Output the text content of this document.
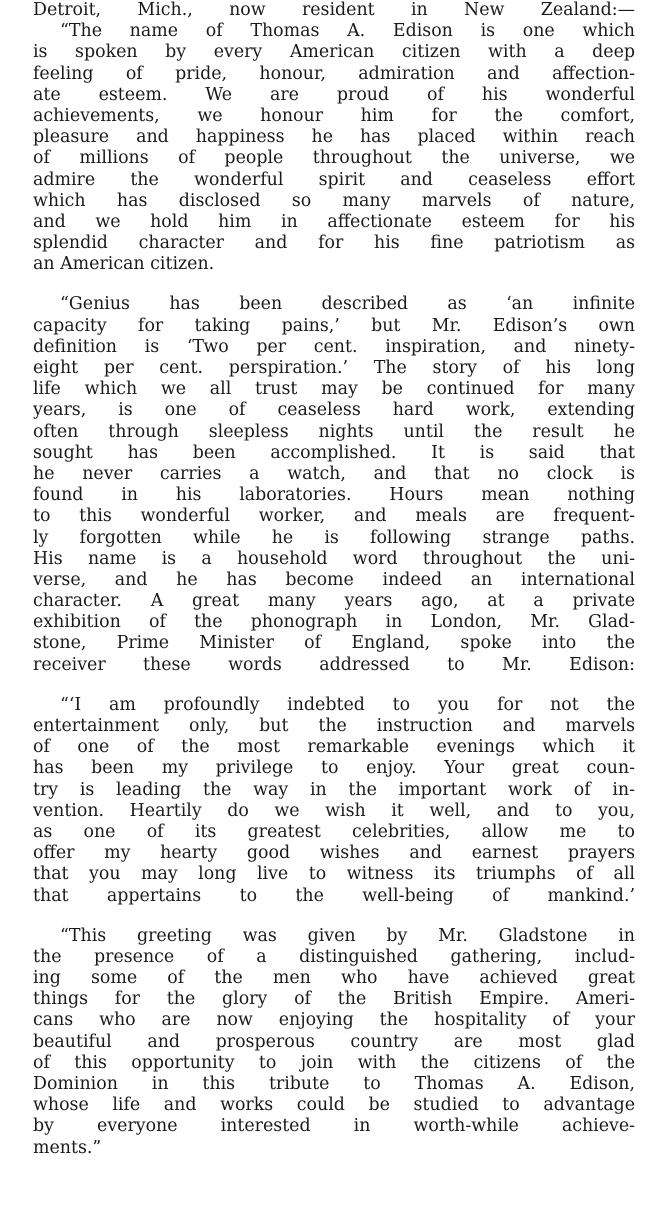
Detroit, Mich., now resident in New Zealand:—
“The name of Thomas A. Edison is one which
is spoken by every American citizen with a deep
feeling of pride, honour, admiration and affection-
ate esteem. We are proud of his wonderful
achievements, we honour him for the comfort,
pleasure and happiness he has placed within reach
of millions of people throughout the universe, we
admire the wonderful spirit and ceaseless effort
which has disclosed so many marvels of nature,
and we hold him in affectionate esteem for his
splendid character and for his fine patriotism as
an American citizen.
“Genius has been described as ‘an infinite
capacity for taking pains,’ but Mr. Edison’s own
definition is ‘Two per cent. inspiration, and ninety-
eight per cent. perspiration.’ The story of his long
life which we all trust may be continued for many
years, is one of ceaseless hard work, extending
often through sleepless nights until the result he
sought has been accomplished. It is said that
he never carries a watch, and that no clock is
found in his laboratories. Hours mean nothing
to this wonderful worker, and meals are frequent-
ly forgotten while he is following strange paths.
His name is a household word throughout the uni-
verse, and he has become indeed an international
character. A great many years ago, at a private
exhibition of the phonograph in London, Mr. Glad-
stone, Prime Minister of England, spoke into the
receiver these words addressed to Mr. Edison:
“‘I am profoundly indebted to you for not the
entertainment only, but the instruction and marvels
of one of the most remarkable evenings which it
has been my privilege to enjoy. Your great coun-
try is leading the way in the important work of in-
vention. Heartily do we wish it well, and to you,
as one of its greatest celebrities, allow me to
offer my hearty good wishes and earnest prayers
that you may long live to witness its triumphs of all
that appertains to the well-being of mankind.’
“This greeting was given by Mr. Gladstone in
the presence of a distinguished gathering, includ-
ing some of the men who have achieved great
things for the glory of the British Empire. Ameri-
cans who are now enjoying the hospitality of your
beautiful and prosperous country are most glad
of this opportunity to join with the citizens of the
Dominion in this tribute to Thomas A. Edison,
whose life and works could be studied to advantage
by everyone interested in worth-while achieve-
ments.”
